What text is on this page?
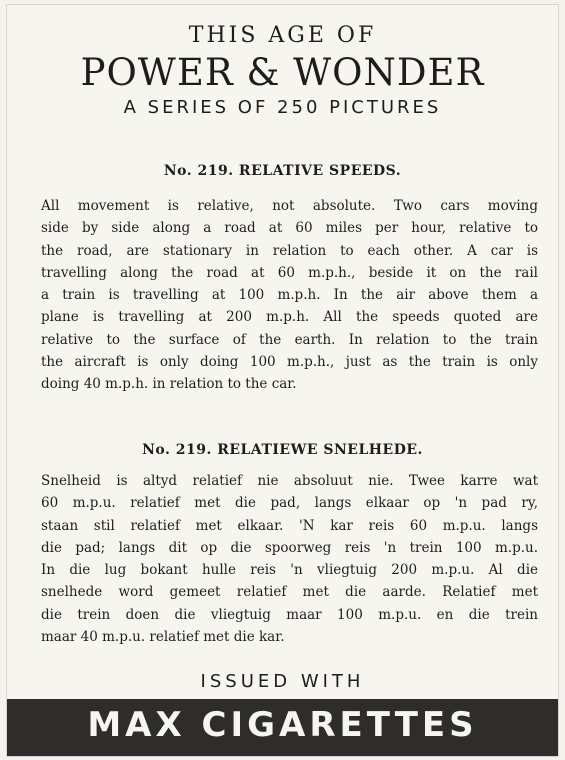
THIS AGE OF
POWER & WONDER
A SERIES OF 250 PICTURES
No. 219. RELATIVE SPEEDS.
All movement is relative, not absolute. Two cars moving
side by side along a road at 60 miles per hour, relative to
the road, are stationary in relation to each other. A car is
travelling along the road at 60 m.p.h., beside it on the rail
a train is travelling at 100 m.p.h. In the air above them a
plane is travelling at 200 m.p.h. All the speeds quoted are
relative to the surface of the earth. In relation to the train
the aircraft is only doing 100 m.p.h., just as the train is only
doing 40 m.p.h. in relation to the car.
No. 219. RELATIEWE SNELHEDE.
Snelheid is altyd relatief nie absoluut nie. Twee karre wat
60 m.p.u. relatief met die pad, langs elkaar op 'n pad ry,
staan stil relatief met elkaar. 'N kar reis 60 m.p.u. langs
die pad; langs dit op die spoorweg reis 'n trein 100 m.p.u.
In die lug bokant hulle reis 'n vliegtuig 200 m.p.u. Al die
snelhede word gemeet relatief met die aarde. Relatief met
die trein doen die vliegtuig maar 100 m.p.u. en die trein
maar 40 m.p.u. relatief met die kar.
ISSUED WITH
MAX CIGARETTES
